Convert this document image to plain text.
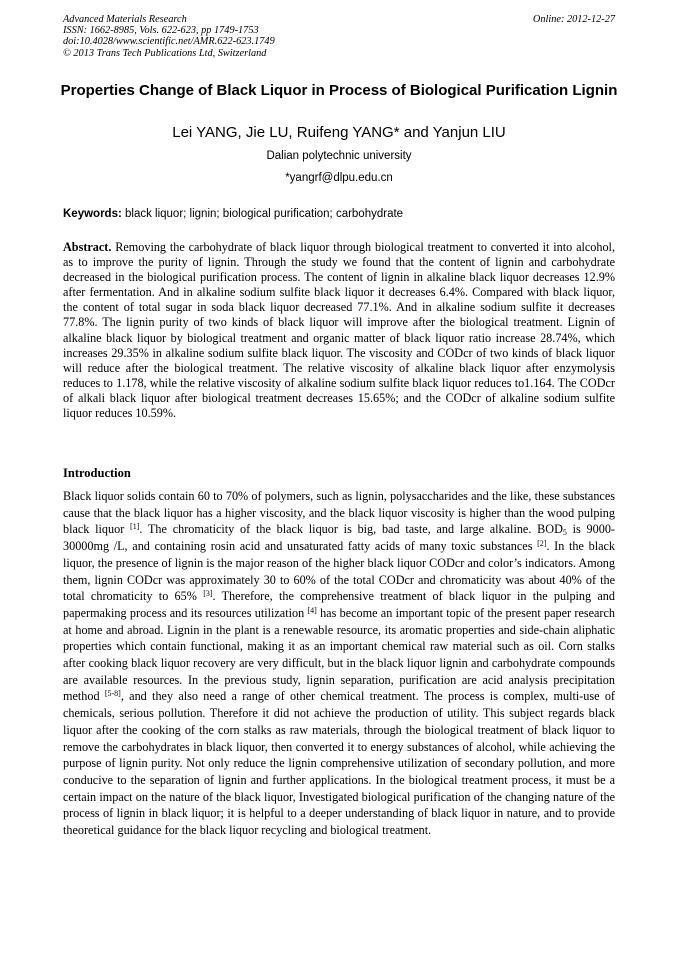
Advanced Materials Research
ISSN: 1662-8985, Vols. 622-623, pp 1749-1753
doi:10.4028/www.scientific.net/AMR.622-623.1749
© 2013 Trans Tech Publications Ltd, Switzerland
Online: 2012-12-27
Properties Change of Black Liquor in Process of Biological Purification Lignin
Lei YANG, Jie LU, Ruifeng YANG* and Yanjun LIU
Dalian polytechnic university
*yangrf@dlpu.edu.cn
Keywords: black liquor; lignin; biological purification; carbohydrate
Abstract. Removing the carbohydrate of black liquor through biological treatment to converted it into alcohol, as to improve the purity of lignin. Through the study we found that the content of lignin and carbohydrate decreased in the biological purification process. The content of lignin in alkaline black liquor decreases 12.9% after fermentation. And in alkaline sodium sulfite black liquor it decreases 6.4%. Compared with black liquor, the content of total sugar in soda black liquor decreased 77.1%. And in alkaline sodium sulfite it decreases 77.8%. The lignin purity of two kinds of black liquor will improve after the biological treatment. Lignin of alkaline black liquor by biological treatment and organic matter of black liquor ratio increase 28.74%, which increases 29.35% in alkaline sodium sulfite black liquor. The viscosity and CODcr of two kinds of black liquor will reduce after the biological treatment. The relative viscosity of alkaline black liquor after enzymolysis reduces to 1.178, while the relative viscosity of alkaline sodium sulfite black liquor reduces to1.164. The CODcr of alkali black liquor after biological treatment decreases 15.65%; and the CODcr of alkaline sodium sulfite liquor reduces 10.59%.
Introduction
Black liquor solids contain 60 to 70% of polymers, such as lignin, polysaccharides and the like, these substances cause that the black liquor has a higher viscosity, and the black liquor viscosity is higher than the wood pulping black liquor [1]. The chromaticity of the black liquor is big, bad taste, and large alkaline. $BOD_5$ is 9000- 30000mg /L, and containing rosin acid and unsaturated fatty acids of many toxic substances [2]. In the black liquor, the presence of lignin is the major reason of the higher black liquor CODcr and color’s indicators. Among them, lignin CODcr was approximately 30 to 60% of the total CODcr and chromaticity was about 40% of the total chromaticity to 65% [3]. Therefore, the comprehensive treatment of black liquor in the pulping and papermaking process and its resources utilization [4] has become an important topic of the present paper research at home and abroad. Lignin in the plant is a renewable resource, its aromatic properties and side-chain aliphatic properties which contain functional, making it as an important chemical raw material such as oil. Corn stalks after cooking black liquor recovery are very difficult, but in the black liquor lignin and carbohydrate compounds are available resources. In the previous study, lignin separation, purification are acid analysis precipitation method [5-8], and they also need a range of other chemical treatment. The process is complex, multi-use of chemicals, serious pollution. Therefore it did not achieve the production of utility. This subject regards black liquor after the cooking of the corn stalks as raw materials, through the biological treatment of black liquor to remove the carbohydrates in black liquor, then converted it to energy substances of alcohol, while achieving the purpose of lignin purity. Not only reduce the lignin comprehensive utilization of secondary pollution, and more conducive to the separation of lignin and further applications. In the biological treatment process, it must be a certain impact on the nature of the black liquor, Investigated biological purification of the changing nature of the process of lignin in black liquor; it is helpful to a deeper understanding of black liquor in nature, and to provide theoretical guidance for the black liquor recycling and biological treatment.
